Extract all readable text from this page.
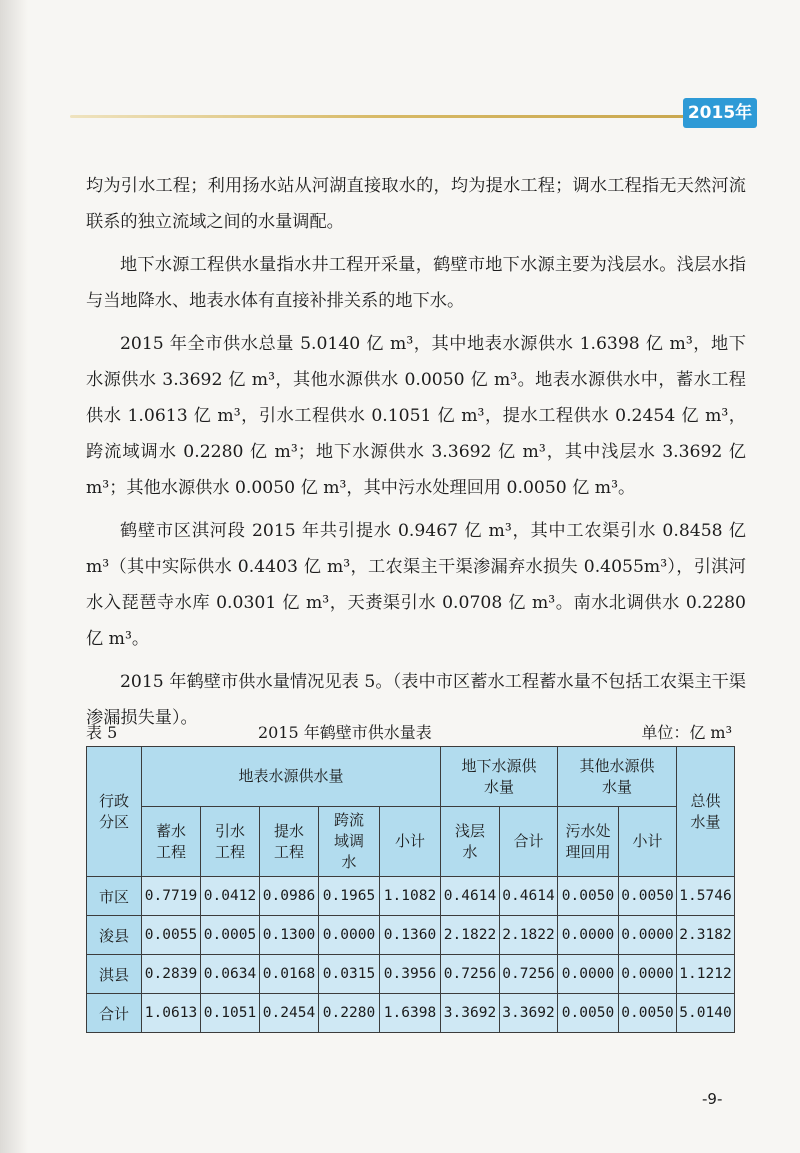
2015年

均为引水工程；利用扬水站从河湖直接取水的，均为提水工程；调水工程指无天然河流联系的独立流域之间的水量调配。

地下水源工程供水量指水井工程开采量，鹤壁市地下水源主要为浅层水。浅层水指与当地降水、地表水体有直接补排关系的地下水。

2015 年全市供水总量 5.0140 亿 m³，其中地表水源供水 1.6398 亿 m³，地下水源供水 3.3692 亿 m³，其他水源供水 0.0050 亿 m³。地表水源供水中，蓄水工程供水 1.0613 亿 m³，引水工程供水 0.1051 亿 m³，提水工程供水 0.2454 亿 m³，跨流域调水 0.2280 亿 m³；地下水源供水 3.3692 亿 m³，其中浅层水 3.3692 亿 m³；其他水源供水 0.0050 亿 m³，其中污水处理回用 0.0050 亿 m³。

鹤壁市区淇河段 2015 年共引提水 0.9467 亿 m³，其中工农渠引水 0.8458 亿 m³（其中实际供水 0.4403 亿 m³，工农渠主干渠渗漏弃水损失 0.4055m³），引淇河水入琵琶寺水库 0.0301 亿 m³，天赉渠引水 0.0708 亿 m³。南水北调供水 0.2280 亿 m³。

2015 年鹤壁市供水量情况见表 5。（表中市区蓄水工程蓄水量不包括工农渠主干渠渗漏损失量）。

表 5	2015 年鹤壁市供水量表	单位：亿 m³
行政分区	地表水源供水量					地下水源供水量		其他水源供水量		总供水量
	蓄水工程	引水工程	提水工程	跨流域调水	小计	浅层水	合计	污水处理回用	小计	
市区	0.7719	0.0412	0.0986	0.1965	1.1082	0.4614	0.4614	0.0050	0.0050	1.5746
浚县	0.0055	0.0005	0.1300	0.0000	0.1360	2.1822	2.1822	0.0000	0.0000	2.3182
淇县	0.2839	0.0634	0.0168	0.0315	0.3956	0.7256	0.7256	0.0000	0.0000	1.1212
合计	1.0613	0.1051	0.2454	0.2280	1.6398	3.3692	3.3692	0.0050	0.0050	5.0140
-9-
